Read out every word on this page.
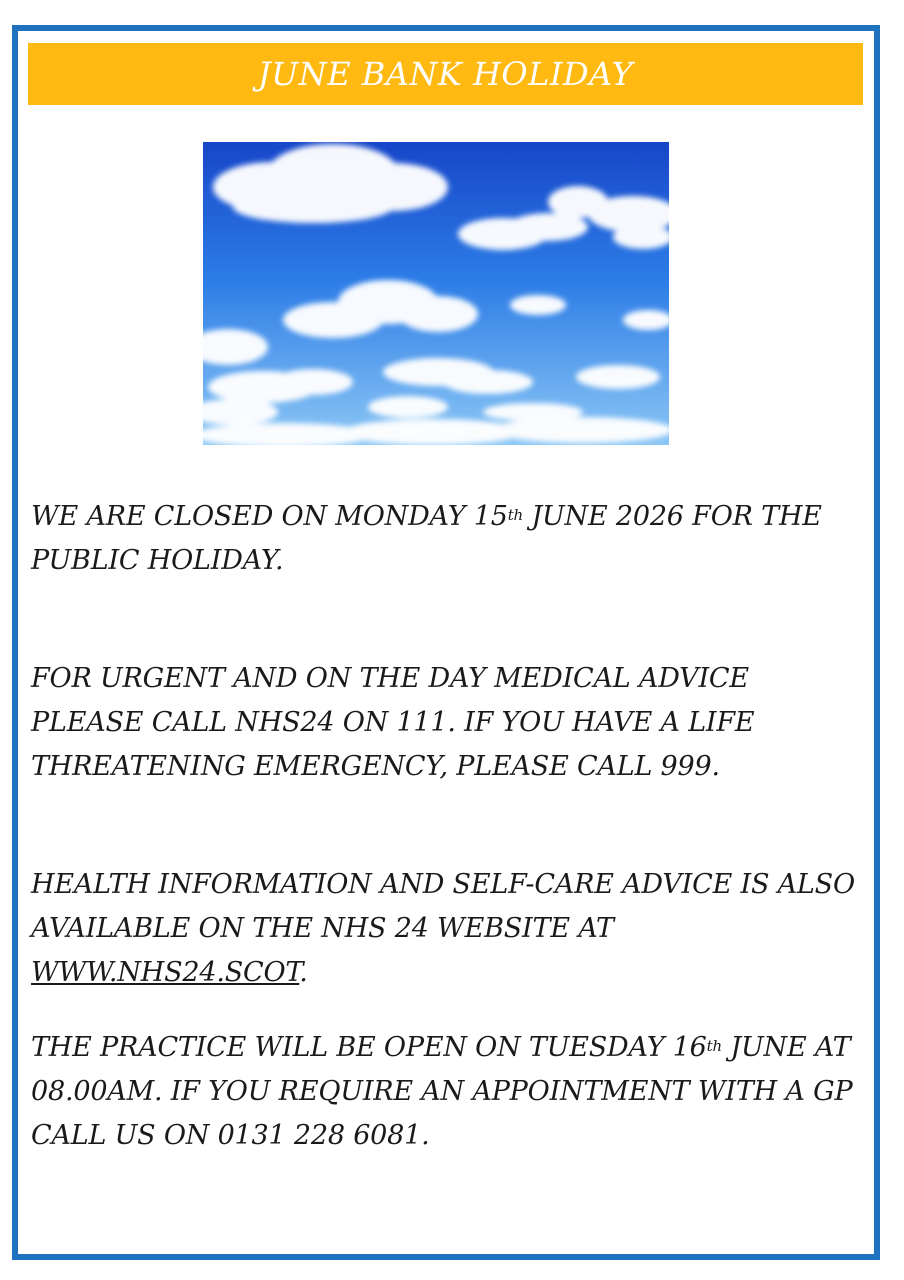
JUNE BANK HOLIDAY

WE ARE CLOSED ON MONDAY 15th JUNE 2026 FOR THE PUBLIC HOLIDAY.

FOR URGENT AND ON THE DAY MEDICAL ADVICE PLEASE CALL NHS24 ON 111. IF YOU HAVE A LIFE THREATENING EMERGENCY, PLEASE CALL 999.

HEALTH INFORMATION AND SELF-CARE ADVICE IS ALSO AVAILABLE ON THE NHS 24 WEBSITE AT WWW.NHS24.SCOT.

THE PRACTICE WILL BE OPEN ON TUESDAY 16th JUNE AT 08.00AM. IF YOU REQUIRE AN APPOINTMENT WITH A GP CALL US ON 0131 228 6081.
